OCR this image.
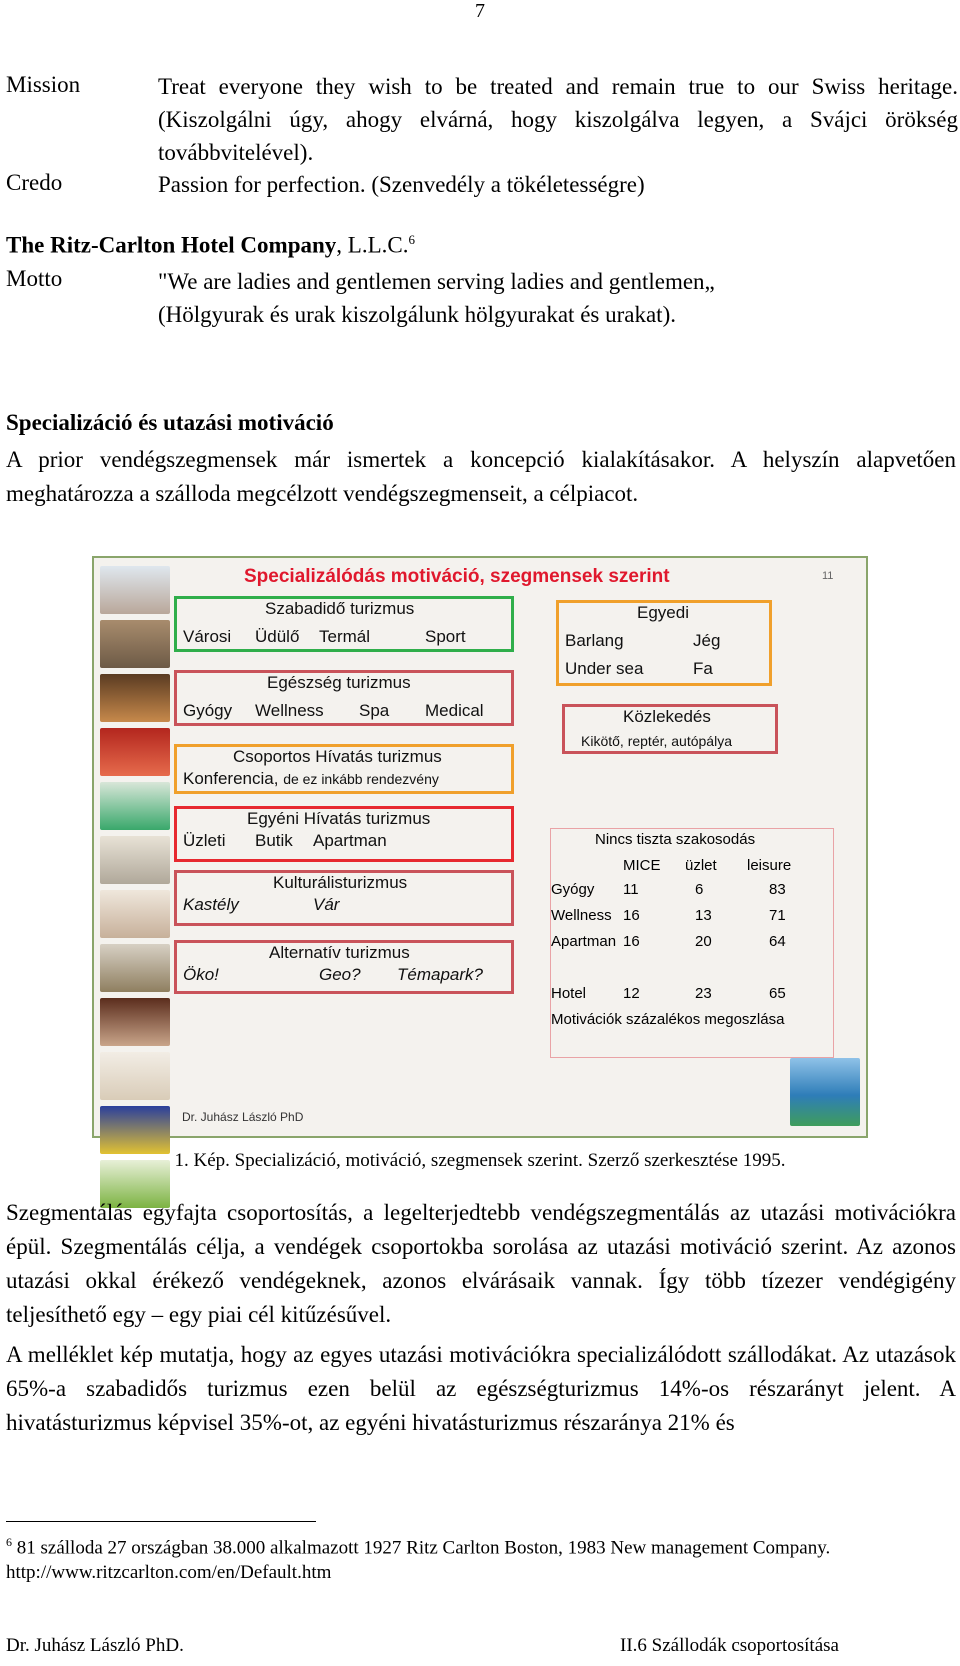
7
Mission	Treat everyone they wish to be treated and remain true to our Swiss heritage. (Kiszolgálni úgy, ahogy elvárná, hogy kiszolgálva legyen, a Svájci örökség továbbvitelével).
Credo	Passion for perfection. (Szenvedély a tökéletességre)
The Ritz-Carlton Hotel Company, L.L.C.$^6$
Motto	"We are ladies and gentlemen serving ladies and gentlemen„
(Hölgyurak és urak kiszolgálunk hölgyurakat és urakat).
Specializáció és utazási motiváció
A prior vendégszegmensek már ismertek a koncepció kialakításakor. A helyszín alapvetően meghatározza a szálloda megcélzott vendégszegmenseit, a célpiacot.
Specializálódás motiváció, szegmensek szerint	11
Szabadidő turizmus
Városi Üdülő Termál	Sport
Egészség turizmus
Gyógy Wellness Spa Medical
Csoportos Hívatás turizmus
Konferencia, de ez inkább rendezvény
Egyéni Hívatás turizmus
Üzleti Butik Apartman
Kulturálisturizmus
Kastély	Vár
Alternatív turizmus
Öko!	Geo? Témapark?
Egyedi
Barlang	Jég
Under sea	Fa
Közlekedés
Kikötő, reptér, autópálya
Nincs tiszta szakosodás
MICE üzlet leisure
Gyógy 11	6	83
Wellness 16	13	71
Apartman 16	20	64
Hotel 12	23	65
Motivációk százalékos megoszlása
Dr. Juhász László PhD
1. Kép. Specializáció, motiváció, szegmensek szerint. Szerző szerkesztése 1995.
Szegmentálás egyfajta csoportosítás, a legelterjedtebb vendégszegmentálás az utazási motivációkra épül. Szegmentálás célja, a vendégek csoportokba sorolása az utazási motiváció szerint. Az azonos utazási okkal érékező vendégeknek, azonos elvárásaik vannak. Így több tízezer vendégigény teljesíthető egy – egy piai cél kitűzésűvel.
A melléklet kép mutatja, hogy az egyes utazási motivációkra specializálódott szállodákat. Az utazások 65%-a szabadidős turizmus ezen belül az egészségturizmus 14%-os részarányt jelent. A hivatásturizmus képvisel 35%-ot, az egyéni hivatásturizmus részaránya 21% és
$^6$ 81 szálloda 27 országban 38.000 alkalmazott 1927 Ritz Carlton Boston, 1983 New management Company.
http://www.ritzcarlton.com/en/Default.htm
Dr. Juhász László PhD.	II.6 Szállodák csoportosítása
